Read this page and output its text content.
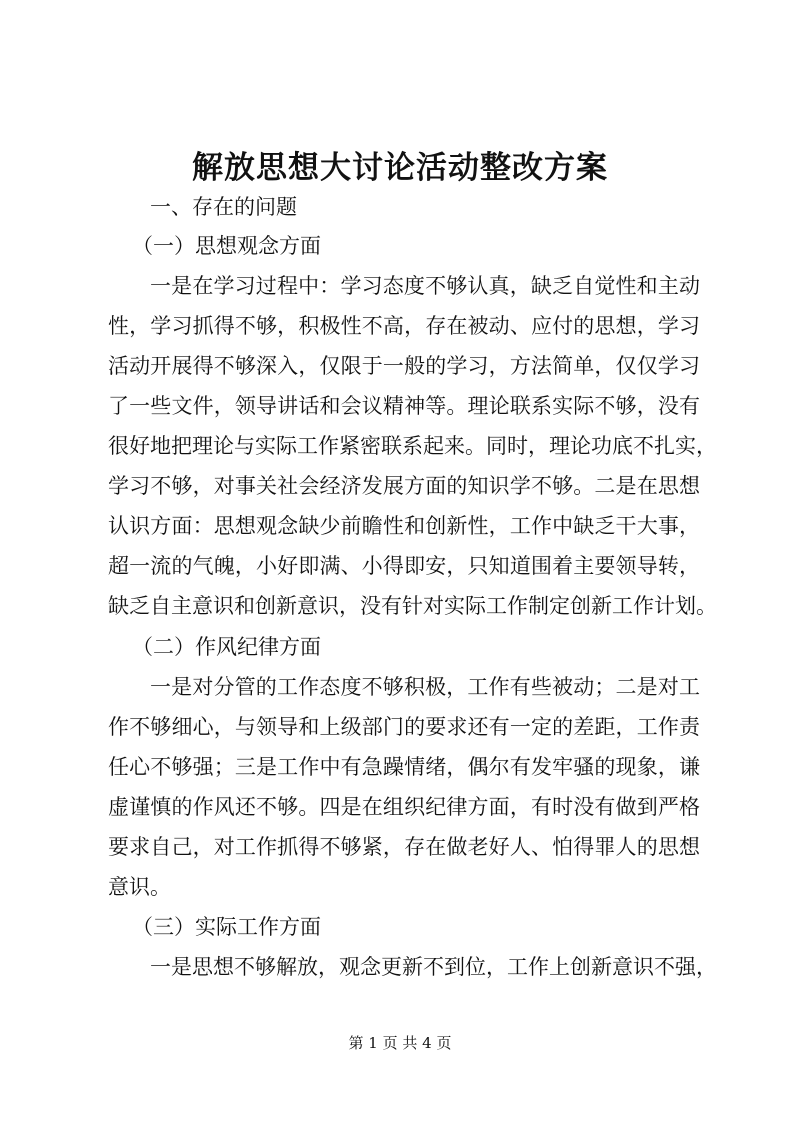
解放思想大讨论活动整改方案
一、存在的问题
（一）思想观念方面
一是在学习过程中：学习态度不够认真，缺乏自觉性和主动
性，学习抓得不够，积极性不高，存在被动、应付的思想，学习
活动开展得不够深入，仅限于一般的学习，方法简单，仅仅学习
了一些文件，领导讲话和会议精神等。理论联系实际不够，没有
很好地把理论与实际工作紧密联系起来。同时，理论功底不扎实，
学习不够，对事关社会经济发展方面的知识学不够。二是在思想
认识方面：思想观念缺少前瞻性和创新性，工作中缺乏干大事，
超一流的气魄，小好即满、小得即安，只知道围着主要领导转，
缺乏自主意识和创新意识，没有针对实际工作制定创新工作计划。
（二）作风纪律方面
一是对分管的工作态度不够积极，工作有些被动；二是对工
作不够细心，与领导和上级部门的要求还有一定的差距，工作责
任心不够强；三是工作中有急躁情绪，偶尔有发牢骚的现象，谦
虚谨慎的作风还不够。四是在组织纪律方面，有时没有做到严格
要求自己，对工作抓得不够紧，存在做老好人、怕得罪人的思想
意识。
（三）实际工作方面
一是思想不够解放，观念更新不到位，工作上创新意识不强，
第 1 页 共 4 页
